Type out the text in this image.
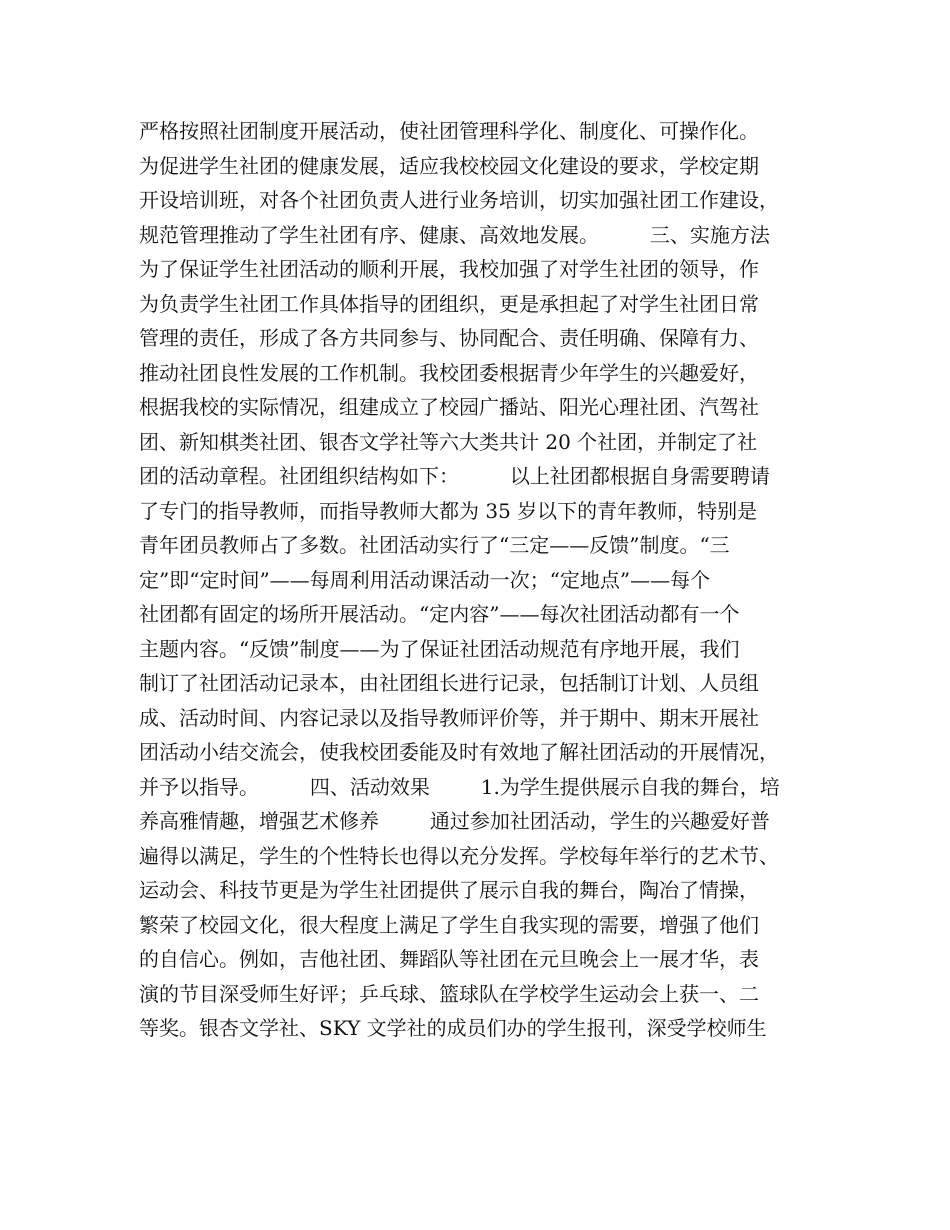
严格按照社团制度开展活动，使社团管理科学化、制度化、可操作化。
为促进学生社团的健康发展，适应我校校园文化建设的要求，学校定期
开设培训班，对各个社团负责人进行业务培训，切实加强社团工作建设，
规范管理推动了学生社团有序、健康、高效地发展。        三、实施方法
为了保证学生社团活动的顺利开展，我校加强了对学生社团的领导，作
为负责学生社团工作具体指导的团组织，更是承担起了对学生社团日常
管理的责任，形成了各方共同参与、协同配合、责任明确、保障有力、
推动社团良性发展的工作机制。我校团委根据青少年学生的兴趣爱好，
根据我校的实际情况，组建成立了校园广播站、阳光心理社团、汽驾社
团、新知棋类社团、银杏文学社等六大类共计 20 个社团，并制定了社
团的活动章程。社团组织结构如下：        以上社团都根据自身需要聘请
了专门的指导教师，而指导教师大都为 35 岁以下的青年教师，特别是
青年团员教师占了多数。社团活动实行了“三定——反馈”制度。“三
定”即“定时间”——每周利用活动课活动一次；“定地点”——每个
社团都有固定的场所开展活动。“定内容”——每次社团活动都有一个
主题内容。“反馈”制度——为了保证社团活动规范有序地开展，我们
制订了社团活动记录本，由社团组长进行记录，包括制订计划、人员组
成、活动时间、内容记录以及指导教师评价等，并于期中、期末开展社
团活动小结交流会，使我校团委能及时有效地了解社团活动的开展情况，
并予以指导。        四、活动效果        1.为学生提供展示自我的舞台，培
养高雅情趣，增强艺术修养        通过参加社团活动，学生的兴趣爱好普
遍得以满足，学生的个性特长也得以充分发挥。学校每年举行的艺术节、
运动会、科技节更是为学生社团提供了展示自我的舞台，陶冶了情操，
繁荣了校园文化，很大程度上满足了学生自我实现的需要，增强了他们
的自信心。例如，吉他社团、舞蹈队等社团在元旦晚会上一展才华，表
演的节目深受师生好评；乒乓球、篮球队在学校学生运动会上获一、二
等奖。银杏文学社、SKY 文学社的成员们办的学生报刊，深受学校师生
